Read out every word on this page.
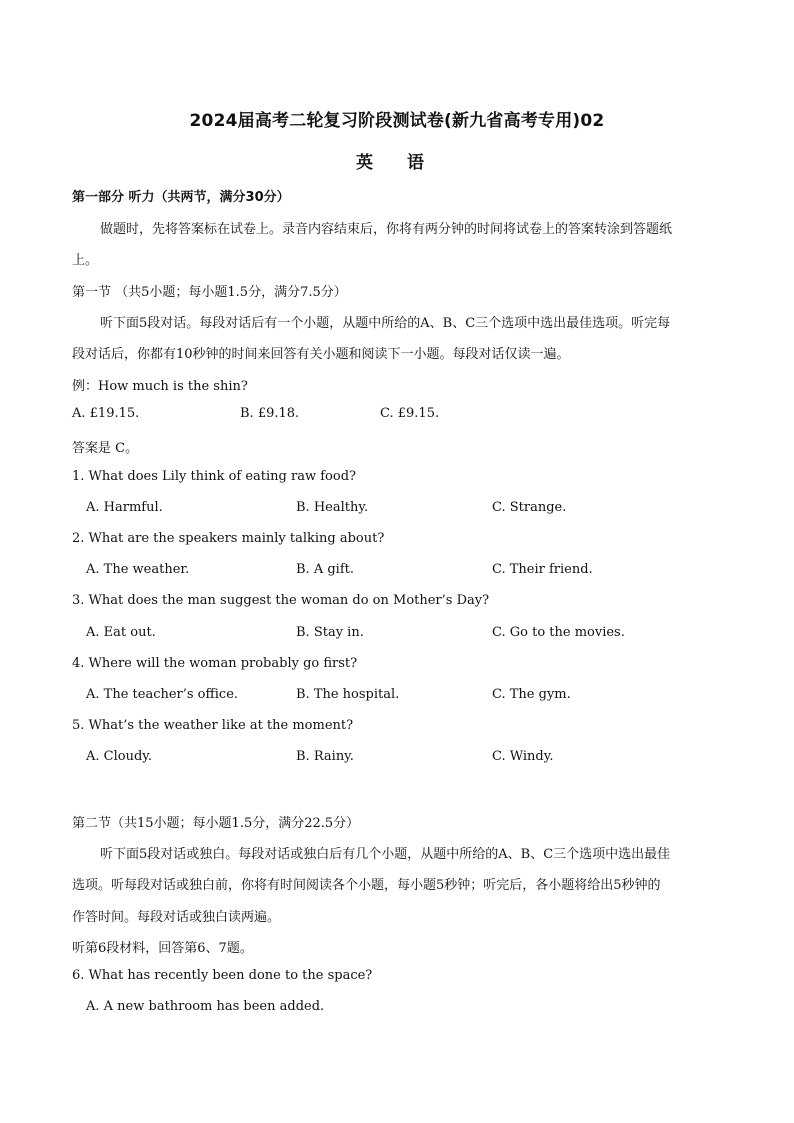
2024届高考二轮复习阶段测试卷(新九省高考专用)02
英 语
第一部分 听力（共两节，满分30分）
做题时，先将答案标在试卷上。录音内容结束后，你将有两分钟的时间将试卷上的答案转涂到答题纸
上。
第一节 （共5小题；每小题1.5分，满分7.5分）
听下面5段对话。每段对话后有一个小题，从题中所给的A、B、C三个选项中选出最佳选项。听完每
段对话后，你都有10秒钟的时间来回答有关小题和阅读下一小题。每段对话仅读一遍。
例：How much is the shin?
A. £19.15.	B. £9.18.	C. £9.15.
答案是 C。
1. What does Lily think of eating raw food?
A. Harmful.	B. Healthy.	C. Strange.
2. What are the speakers mainly talking about?
A. The weather.	B. A gift.	C. Their friend.
3. What does the man suggest the woman do on Mother’s Day?
A. Eat out.	B. Stay in.	C. Go to the movies.
4. Where will the woman probably go first?
A. The teacher’s office.	B. The hospital.	C. The gym.
5. What’s the weather like at the moment?
A. Cloudy.	B. Rainy.	C. Windy.
第二节（共15小题；每小题1.5分，满分22.5分）
听下面5段对话或独白。每段对话或独白后有几个小题，从题中所给的A、B、C三个选项中选出最佳
选项。听每段对话或独白前，你将有时间阅读各个小题，每小题5秒钟；听完后，各小题将给出5秒钟的
作答时间。每段对话或独白读两遍。
听第6段材料，回答第6、7题。
6. What has recently been done to the space?
A. A new bathroom has been added.
